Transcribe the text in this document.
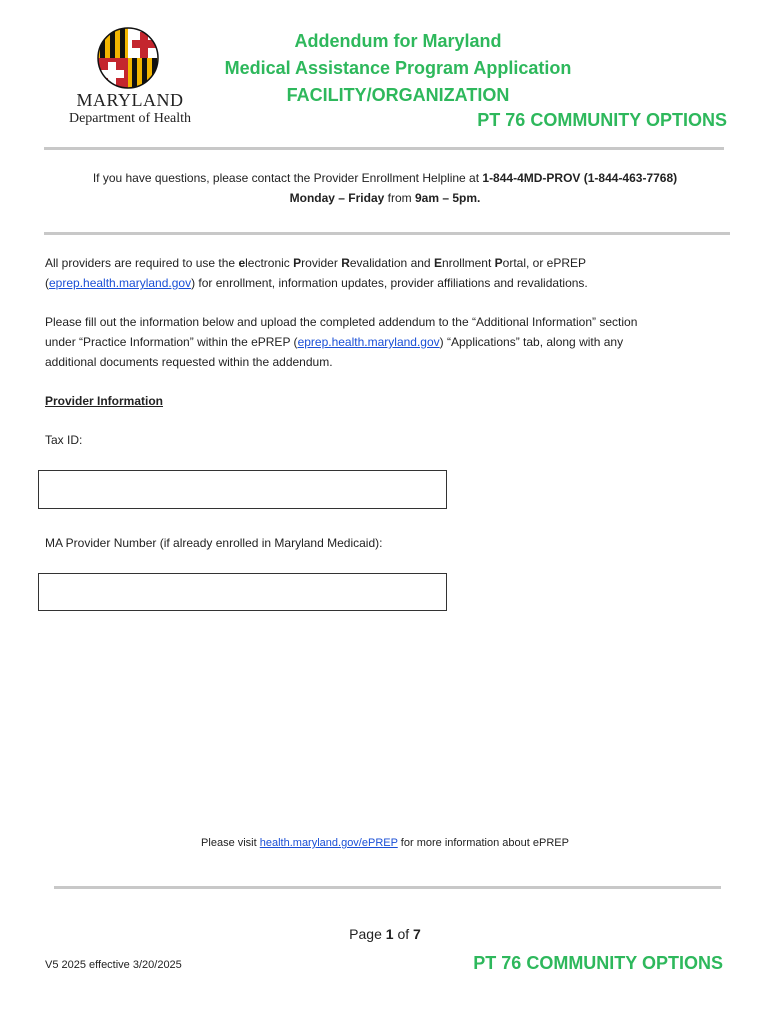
MARYLAND
Department of Health
Addendum for Maryland
Medical Assistance Program Application
FACILITY/ORGANIZATION
PT 76 COMMUNITY OPTIONS
If you have questions, please contact the Provider Enrollment Helpline at 1-844-4MD-PROV (1-844-463-7768)
Monday – Friday from 9am – 5pm.
All providers are required to use the electronic Provider Revalidation and Enrollment Portal, or ePREP
(eprep.health.maryland.gov) for enrollment, information updates, provider affiliations and revalidations.
Please fill out the information below and upload the completed addendum to the “Additional Information” section
under “Practice Information” within the ePREP (eprep.health.maryland.gov) “Applications” tab, along with any
additional documents requested within the addendum.
Provider Information
Tax ID:
MA Provider Number (if already enrolled in Maryland Medicaid):
Please visit health.maryland.gov/ePREP for more information about ePREP
Page 1 of 7
V5 2025 effective 3/20/2025	PT 76 COMMUNITY OPTIONS
